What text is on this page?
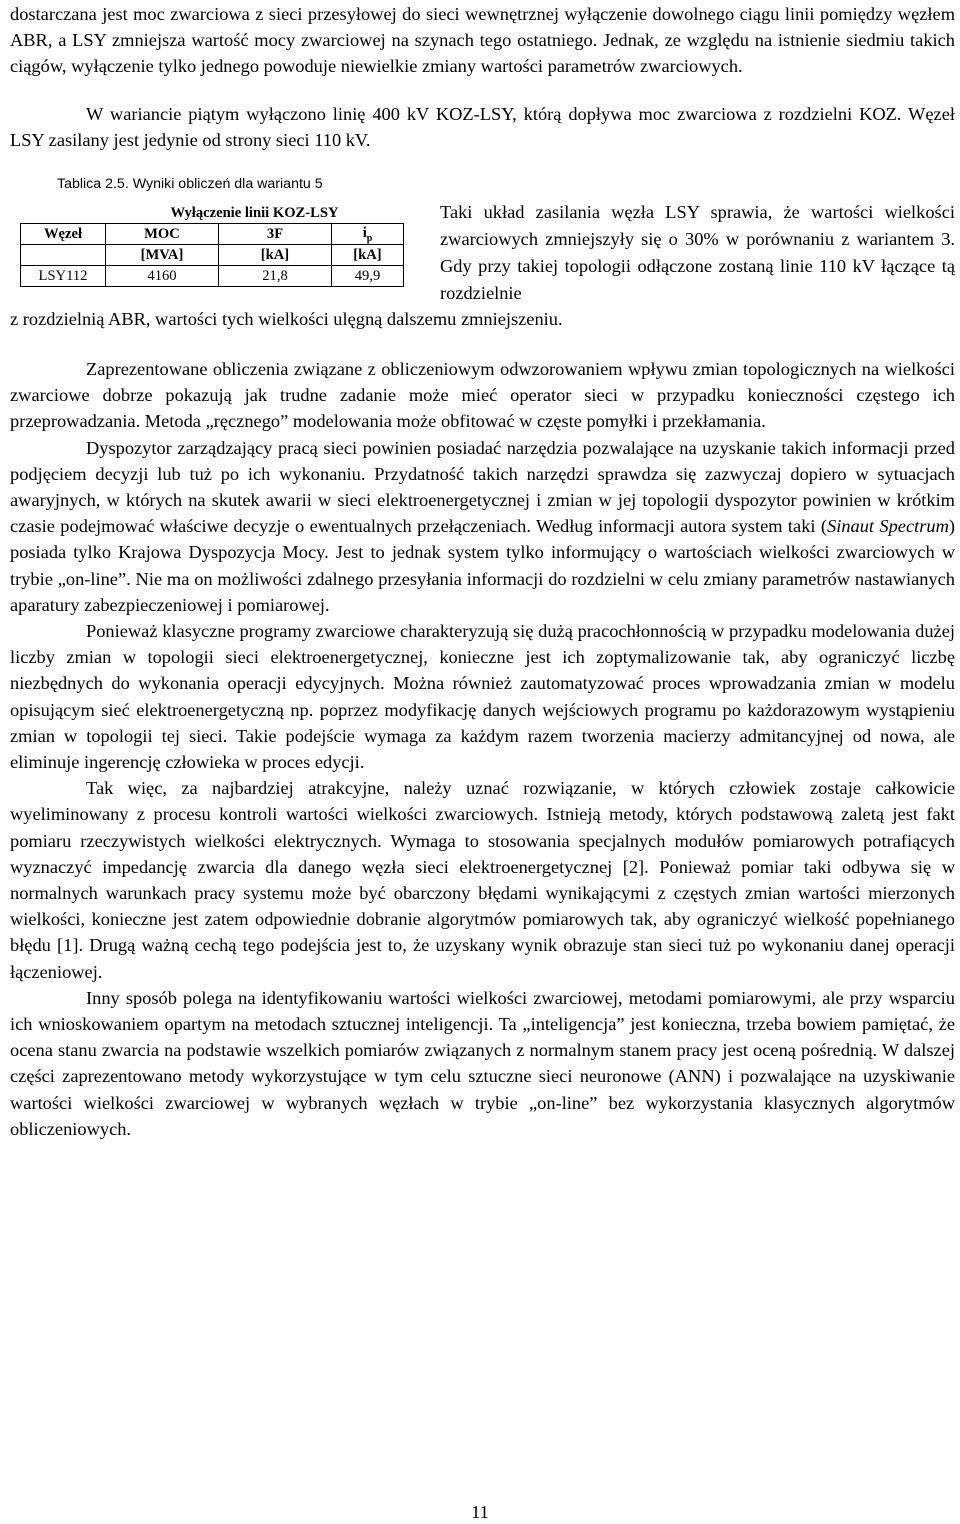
dostarczana jest moc zwarciowa z sieci przesyłowej do sieci wewnętrznej wyłączenie dowolnego ciągu linii pomiędzy węzłem ABR, a LSY zmniejsza wartość mocy zwarciowej na szynach tego ostatniego. Jednak, ze względu na istnienie siedmiu takich ciągów, wyłączenie tylko jednego powoduje niewielkie zmiany wartości parametrów zwarciowych.

W wariancie piątym wyłączono linię 400 kV KOZ-LSY, którą dopływa moc zwarciowa z rozdzielni KOZ. Węzeł LSY zasilany jest jedynie od strony sieci 110 kV.

Tablica 2.5. Wyniki obliczeń dla wariantu 5
	Wyłączenie linii KOZ-LSY		
Węzeł	MOC	3F	$i_p$
	[MVA]	[kA]	[kA]
LSY112	4160	21,8	49,9

Taki układ zasilania węzła LSY sprawia, że wartości wielkości zwarciowych zmniejszyły się o 30% w porównaniu z wariantem 3. Gdy przy takiej topologii odłączone zostaną linie 110 kV łączące tą rozdzielnie

z rozdzielnią ABR, wartości tych wielkości ulęgną dalszemu zmniejszeniu.

Zaprezentowane obliczenia związane z obliczeniowym odwzorowaniem wpływu zmian topologicznych na wielkości zwarciowe dobrze pokazują jak trudne zadanie może mieć operator sieci w przypadku konieczności częstego ich przeprowadzania. Metoda „ręcznego” modelowania może obfitować w częste pomyłki i przekłamania.

Dyspozytor zarządzający pracą sieci powinien posiadać narzędzia pozwalające na uzyskanie takich informacji przed podjęciem decyzji lub tuż po ich wykonaniu. Przydatność takich narzędzi sprawdza się zazwyczaj dopiero w sytuacjach awaryjnych, w których na skutek awarii w sieci elektroenergetycznej i zmian w jej topologii dyspozytor powinien w krótkim czasie podejmować właściwe decyzje o ewentualnych przełączeniach. Według informacji autora system taki (Sinaut Spectrum) posiada tylko Krajowa Dyspozycja Mocy. Jest to jednak system tylko informujący o wartościach wielkości zwarciowych w trybie „on-line”. Nie ma on możliwości zdalnego przesyłania informacji do rozdzielni w celu zmiany parametrów nastawianych aparatury zabezpieczeniowej i pomiarowej.

Ponieważ klasyczne programy zwarciowe charakteryzują się dużą pracochłonnością w przypadku modelowania dużej liczby zmian w topologii sieci elektroenergetycznej, konieczne jest ich zoptymalizowanie tak, aby ograniczyć liczbę niezbędnych do wykonania operacji edycyjnych. Można również zautomatyzować proces wprowadzania zmian w modelu opisującym sieć elektroenergetyczną np. poprzez modyfikację danych wejściowych programu po każdorazowym wystąpieniu zmian w topologii tej sieci. Takie podejście wymaga za każdym razem tworzenia macierzy admitancyjnej od nowa, ale eliminuje ingerencję człowieka w proces edycji.

Tak więc, za najbardziej atrakcyjne, należy uznać rozwiązanie, w których człowiek zostaje całkowicie wyeliminowany z procesu kontroli wartości wielkości zwarciowych. Istnieją metody, których podstawową zaletą jest fakt pomiaru rzeczywistych wielkości elektrycznych. Wymaga to stosowania specjalnych modułów pomiarowych potrafiących wyznaczyć impedancję zwarcia dla danego węzła sieci elektroenergetycznej [2]. Ponieważ pomiar taki odbywa się w normalnych warunkach pracy systemu może być obarczony błędami wynikającymi z częstych zmian wartości mierzonych wielkości, konieczne jest zatem odpowiednie dobranie algorytmów pomiarowych tak, aby ograniczyć wielkość popełnianego błędu [1]. Drugą ważną cechą tego podejścia jest to, że uzyskany wynik obrazuje stan sieci tuż po wykonaniu danej operacji łączeniowej.

Inny sposób polega na identyfikowaniu wartości wielkości zwarciowej, metodami pomiarowymi, ale przy wsparciu ich wnioskowaniem opartym na metodach sztucznej inteligencji. Ta „inteligencja” jest konieczna, trzeba bowiem pamiętać, że ocena stanu zwarcia na podstawie wszelkich pomiarów związanych z normalnym stanem pracy jest oceną pośrednią. W dalszej części zaprezentowano metody wykorzystujące w tym celu sztuczne sieci neuronowe (ANN) i pozwalające na uzyskiwanie wartości wielkości zwarciowej w wybranych węzłach w trybie „on-line” bez wykorzystania klasycznych algorytmów obliczeniowych.

11
